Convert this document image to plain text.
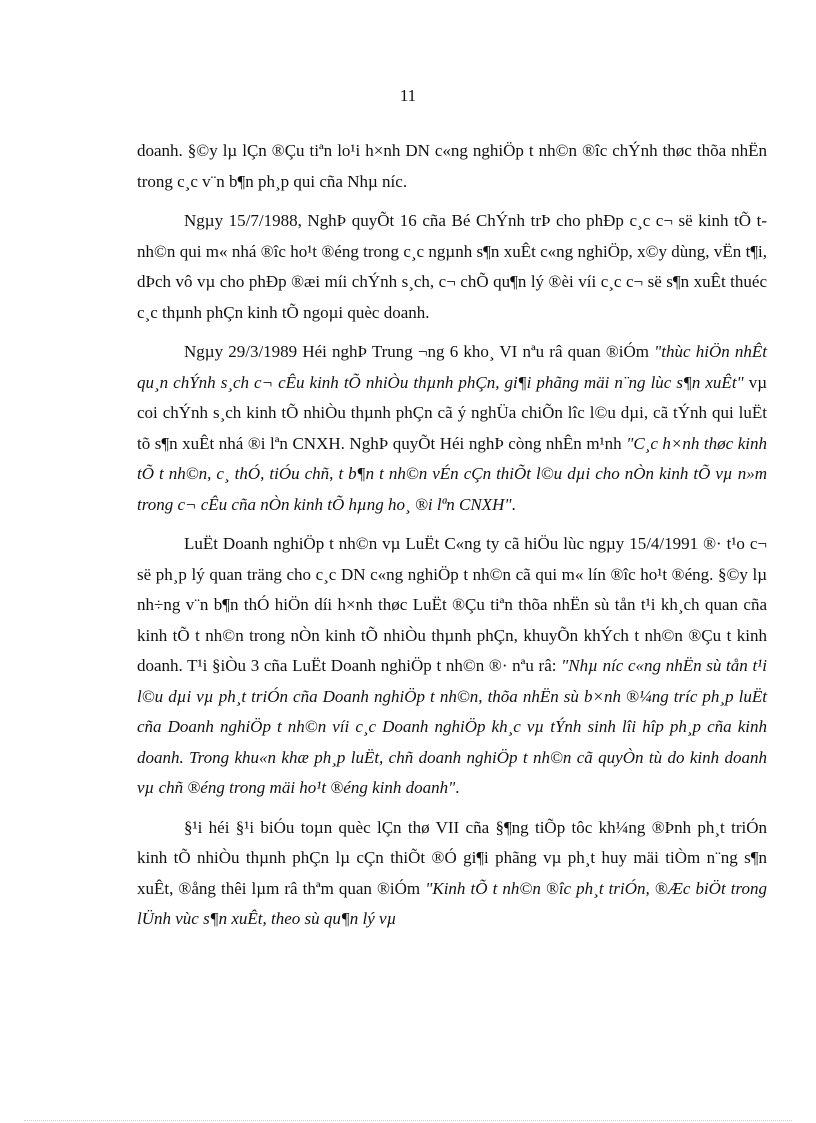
11

doanh. §©y lµ lÇn ®Çu tiªn lo¹i h×nh DN c«ng nghiÖp t nh©n ®îc chÝnh thøc thõa nhËn trong c¸c v¨n b¶n ph¸p qui cña Nhµ níc.

Ngµy 15/7/1988, NghÞ quyÕt 16 cña Bé ChÝnh trÞ cho phÐp c¸c c¬ së kinh tÕ t nh©n qui m« nhá ®îc ho¹t ®éng trong c¸c ngµnh s¶n xuÊt c«ng nghiÖp, x©y dùng, vËn t¶i, dÞch vô vµ cho phÐp ®æi míi chÝnh s¸ch, c¬ chÕ qu¶n lý ®èi víi c¸c c¬ së s¶n xuÊt thuéc c¸c thµnh phÇn kinh tÕ ngoµi quèc doanh.

Ngµy 29/3/1989 Héi nghÞ Trung ¬ng 6 kho¸ VI nªu râ quan ®iÓm "thùc hiÖn nhÊt qu¸n chÝnh s¸ch c¬ cÊu kinh tÕ nhiÒu thµnh phÇn, gi¶i phãng mäi n¨ng lùc s¶n xuÊt" vµ coi chÝnh s¸ch kinh tÕ nhiÒu thµnh phÇn cã ý nghÜa chiÕn lîc l©u dµi, cã tÝnh qui luËt tõ s¶n xuÊt nhá ®i lªn CNXH. NghÞ quyÕt Héi nghÞ còng nhÊn m¹nh "C¸c h×nh thøc kinh tÕ t nh©n, c¸ thÓ, tiÓu chñ, t b¶n t nh©n vÉn cÇn thiÕt l©u dµi cho nÒn kinh tÕ vµ n»m trong c¬ cÊu cña nÒn kinh tÕ hµng ho¸ ®i lªn CNXH".

LuËt Doanh nghiÖp t nh©n vµ LuËt C«ng ty cã hiÖu lùc ngµy 15/4/1991 ®· t¹o c¬ së ph¸p lý quan träng cho c¸c DN c«ng nghiÖp t nh©n cã qui m« lín ®îc ho¹t ®éng. §©y lµ nh÷ng v¨n b¶n thÓ hiÖn díi h×nh thøc LuËt ®Çu tiªn thõa nhËn sù tån t¹i kh¸ch quan cña kinh tÕ t nh©n trong nÒn kinh tÕ nhiÒu thµnh phÇn, khuyÕn khÝch t nh©n ®Çu t kinh doanh. T¹i §iÒu 3 cña LuËt Doanh nghiÖp t nh©n ®· nªu râ: "Nhµ níc c«ng nhËn sù tån t¹i l©u dµi vµ ph¸t triÓn cña Doanh nghiÖp t nh©n, thõa nhËn sù b×nh ®¼ng tríc ph¸p luËt cña Doanh nghiÖp t nh©n víi c¸c Doanh nghiÖp kh¸c vµ tÝnh sinh lîi hîp ph¸p cña kinh doanh. Trong khu«n khæ ph¸p luËt, chñ doanh nghiÖp t nh©n cã quyÒn tù do kinh doanh vµ chñ ®éng trong mäi ho¹t ®éng kinh doanh".

§¹i héi §¹i biÓu toµn quèc lÇn thø VII cña §¶ng tiÕp tôc kh¼ng ®Þnh ph¸t triÓn kinh tÕ nhiÒu thµnh phÇn lµ cÇn thiÕt ®Ó gi¶i phãng vµ ph¸t huy mäi tiÒm n¨ng s¶n xuÊt, ®ång thêi lµm râ thªm quan ®iÓm "Kinh tÕ t nh©n ®îc ph¸t triÓn, ®Æc biÖt trong lÜnh vùc s¶n xuÊt, theo sù qu¶n lý vµ
